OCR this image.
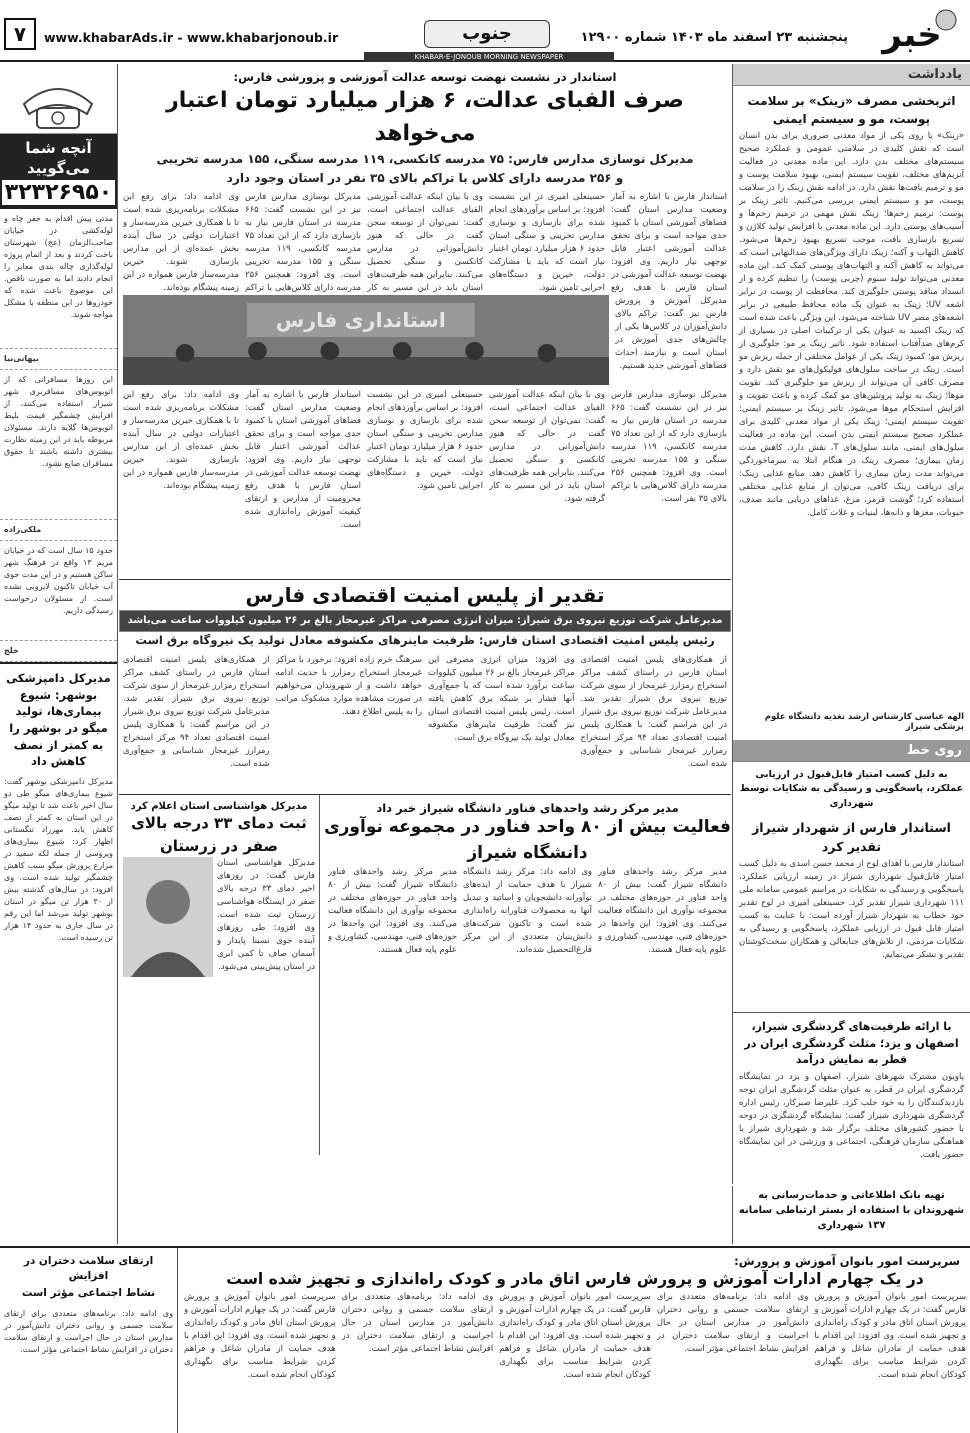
خبر
پنجشنبه ۲۳ اسفند ماه ۱۴۰۳ شماره ۱۲۹۰۰
جنوب
www.khabarAds.ir - www.khabarjonoub.ir
۷
KHABAR-E-JONOUB MORNING NEWSPAPER
یادداشت
اثربخشی مصرف «زینک» بر سلامت پوست، مو و سیستم ایمنی
«زینک» یا روی یکی از مواد معدنی ضروری برای بدن انسان است که نقش کلیدی در سلامتی عمومی و عملکرد صحیح سیستم‌های مختلف بدن دارد. این ماده معدنی در فعالیت آنزیم‌های مختلف، تقویت سیستم ایمنی، بهبود سلامت پوست و مو و ترمیم بافت‌ها نقش دارد. در ادامه نقش زینک را در سلامت پوست، مو و سیستم ایمنی بررسی می‌کنیم. تاثیر زینک بر پوست: ترمیم زخم‌ها؛ زینک نقش مهمی در ترمیم زخم‌ها و آسیب‌های پوستی دارد. این ماده معدنی با افزایش تولید کلاژن و تسریع بازسازی بافت، موجب تسریع بهبود زخم‌ها می‌شود. کاهش التهاب و آکنه؛ زینک دارای ویژگی‌های ضدالتهابی است که می‌تواند به کاهش آکنه و التهاب‌های پوستی کمک کند. این ماده معدنی می‌تواند تولید سبوم (چربی پوست) را تنظیم کرده و از انسداد منافذ پوستی جلوگیری کند. محافظت از پوست در برابر اشعه UV؛ زینک به عنوان یک ماده محافظ طبیعی در برابر اشعه‌های مضر UV شناخته می‌شود. این ویژگی باعث شده است که زینک اکسید به عنوان یکی از ترکیبات اصلی در بسیاری از کرم‌های ضدآفتاب استفاده شود. تاثیر زینک بر مو: جلوگیری از ریزش مو؛ کمبود زینک یکی از عوامل مختلفی از جمله ریزش مو است. زینک در ساخت سلول‌های فولیکول‌های مو نقش دارد و مصرف کافی آن می‌تواند از ریزش مو جلوگیری کند. تقویت موها؛ زینک به تولید پروتئین‌های مو کمک کرده و باعث تقویت و افزایش استحکام موها می‌شود. تاثیر زینک بر سیستم ایمنی: تقویت سیستم ایمنی؛ زینک یکی از مواد معدنی کلیدی برای عملکرد صحیح سیستم ایمنی بدن است. این ماده در فعالیت سلول‌های ایمنی، مانند سلول‌های T، نقش دارد. کاهش مدت زمان بیماری؛ مصرف زینک در هنگام ابتلا به سرماخوردگی می‌تواند مدت زمان بیماری را کاهش دهد. منابع غذایی زینک: برای دریافت زینک کافی، می‌توان از منابع غذایی مختلفی استفاده کرد؛ گوشت قرمز، مرغ، غذاهای دریایی مانند صدف، حبوبات، مغزها و دانه‌ها، لبنیات و غلات کامل.
الهه عباسی کارشناس ارشد تغذیه دانشگاه علوم پزشکی شیراز
روی خط
به دلیل کسب امتیاز قابل‌قبول در ارزیابی عملکرد، پاسخگویی و رسیدگی به شکایات توسط شهرداری
استاندار فارس از شهردار شیراز تقدیر کرد
استاندار فارس با اهدای لوح از محمد حسن اسدی به دلیل کسب امتیاز قابل‌قبول شهرداری شیراز در زمینه ارزیابی عملکرد، پاسخگویی و رسیدگی به شکایات در مراسم عمومی سامانه ملی ۱۱۱ شهرداری شیراز تقدیر کرد. حسینعلی امیری در لوح تقدیر خود خطاب به شهردار شیراز آورده است: با عنایت به کسب امتیاز قابل قبول در ارزیابی عملکرد، پاسخگویی و رسیدگی به شکایات مردمی، از تلاش‌های جنابعالی و همکاران سخت‌کوشتان تقدیر و تشکر می‌نمایم.
با ارائه ظرفیت‌های گردشگری شیراز، اصفهان و یزد؛ مثلث گردشگری ایران در قطر به نمایش درآمد
پاویون مشترک شهرهای شیراز، اصفهان و یزد در نمایشگاه گردشگری ایران در قطر، به عنوان مثلث گردشگری ایران توجه بازدیدکنندگان را به خود جلب کرد. علیرضا صبرکار، رئیس اداره گردشگری شهرداری شیراز گفت: نمایشگاه گردشگری در دوحه با حضور کشورهای مختلف برگزار شد و شهرداری شیراز با هماهنگی سازمان فرهنگی، اجتماعی و ورزشی در این نمایشگاه حضور یافت.
تهیه بانک اطلاعاتی و خدمات‌رسانی به شهروندان با استفاده از بستر ارتباطی سامانه ۱۳۷ شهرداری
آنچه شما می‌گویید
۳۲۳۲۶۹۵۰
مدتی پیش اقدام به حفر چاه و لوله‌کشی در خیابان صاحب‌الزمان (عج) شهرستان باخت کردند و بعد از اتمام پروژه لوله‌گذاری چاله بندی معابر را انجام دادند اما به صورت ناقص. این موضوع باعث شده که خودروها در این منطقه با مشکل مواجه شوند.
بیهانی‌نیا
این روزها مسافرانی که از اتوبوس‌های مسافربری شهر شیراز استفاده می‌کنند، از افزایش چشمگیر قیمت بلیط اتوبوس‌ها گلایه دارند. مسئولان مربوطه باید در این زمینه نظارت بیشتری داشته باشند تا حقوق مسافران ضایع نشود.
ملکی‌زاده
حدود ۱۵ سال است که در خیابان مریم ۱۳ واقع در فرهنگ شهر ساکن هستیم و در این مدت جوی آب خیابان تاکنون لایروبی نشده است. از مسئولان درخواست رسیدگی داریم.
خلج
مدیرکل دامپزشکی بوشهر: شیوع بیماری‌ها، تولید میگو در بوشهر را به کمتر از نصف کاهش داد
مدیرکل دامپزشکی بوشهر گفت: شیوع بیماری‌های میگو طی دو سال اخیر باعث شد تا تولید میگو در این استان به کمتر از نصف کاهش یابد. مهرزاد تنگستانی اظهار کرد: شیوع بیماری‌های ویروسی از جمله لکه سفید در مزارع پرورش میگو سبب کاهش چشمگیر تولید شده است. وی افزود: در سال‌های گذشته بیش از ۳۰ هزار تن میگو در استان بوشهر تولید می‌شد اما این رقم در سال جاری به حدود ۱۴ هزار تن رسیده است.
استاندار در نشست نهضت توسعه عدالت آموزشی و پرورشی فارس:
صرف الفبای عدالت، ۶ هزار میلیارد تومان اعتبار می‌خواهد
مدیرکل نوسازی مدارس فارس: ۷۵ مدرسه کانکسی، ۱۱۹ مدرسه سنگی، ۱۵۵ مدرسه تخریبی
و ۲۵۶ مدرسه دارای کلاس با تراکم بالای ۳۵ نفر در استان وجود دارد
استاندار فارس با اشاره به آمار وضعیت مدارس استان گفت: فضاهای آموزشی استان با کمبود جدی مواجه است و برای تحقق عدالت آموزشی اعتبار قابل توجهی نیاز داریم. وی افزود: نهضت توسعه عدالت آموزشی در استان فارس با هدف رفع
حسینعلی امیری در این نشست افزود: بر اساس برآوردهای انجام شده برای بازسازی و نوسازی مدارس تخریبی و سنگی استان حدود ۶ هزار میلیارد تومان اعتبار نیاز است که باید با مشارکت دولت، خیرین و دستگاه‌های اجرایی تامین شود.
وی با بیان اینکه عدالت آموزشی الفبای عدالت اجتماعی است، گفت: نمی‌توان از توسعه سخن گفت در حالی که هنوز دانش‌آموزانی در مدارس کانکسی و سنگی تحصیل می‌کنند. بنابراین همه ظرفیت‌های استان باید در این مسیر به کار
مدیرکل نوسازی مدارس فارس نیز در این نشست گفت: ۶۶۵ مدرسه در استان فارس نیاز به بازسازی دارد که از این تعداد ۷۵ مدرسه کانکسی، ۱۱۹ مدرسه سنگی و ۱۵۵ مدرسه تخریبی است. وی افزود: همچنین ۲۵۶ مدرسه دارای کلاس‌هایی با تراکم
وی ادامه داد: برای رفع این مشکلات برنامه‌ریزی شده است تا با همکاری خیرین مدرسه‌ساز و اعتبارات دولتی در سال آینده بخش عمده‌ای از این مدارس بازسازی شوند. خیرین مدرسه‌ساز فارس همواره در این زمینه پیشگام بوده‌اند.
مدیرکل آموزش و پرورش فارس نیز گفت: تراکم بالای دانش‌آموزان در کلاس‌ها یکی از چالش‌های جدی آموزش در استان است و نیازمند احداث فضاهای آموزشی جدید هستیم.
استانداری فارس
مدیرکل نوسازی مدارس فارس نیز در این نشست گفت: ۶۶۵ مدرسه در استان فارس نیاز به بازسازی دارد که از این تعداد ۷۵ مدرسه کانکسی، ۱۱۹ مدرسه سنگی و ۱۵۵ مدرسه تخریبی است. وی افزود: همچنین ۲۵۶ مدرسه دارای کلاس‌هایی با تراکم بالای ۳۵ نفر است.
وی با بیان اینکه عدالت آموزشی الفبای عدالت اجتماعی است، گفت: نمی‌توان از توسعه سخن گفت در حالی که هنوز دانش‌آموزانی در مدارس کانکسی و سنگی تحصیل می‌کنند. بنابراین همه ظرفیت‌های استان باید در این مسیر به کار گرفته شود.
حسینعلی امیری در این نشست افزود: بر اساس برآوردهای انجام شده برای بازسازی و نوسازی مدارس تخریبی و سنگی استان حدود ۶ هزار میلیارد تومان اعتبار نیاز است که باید با مشارکت دولت، خیرین و دستگاه‌های اجرایی تامین شود.
استاندار فارس با اشاره به آمار وضعیت مدارس استان گفت: فضاهای آموزشی استان با کمبود جدی مواجه است و برای تحقق عدالت آموزشی اعتبار قابل توجهی نیاز داریم. وی افزود: نهضت توسعه عدالت آموزشی در استان فارس با هدف رفع محرومیت از مدارس و ارتقای کیفیت آموزش راه‌اندازی شده است.
وی ادامه داد: برای رفع این مشکلات برنامه‌ریزی شده است تا با همکاری خیرین مدرسه‌ساز و اعتبارات دولتی در سال آینده بخش عمده‌ای از این مدارس بازسازی شوند. خیرین مدرسه‌ساز فارس همواره در این زمینه پیشگام بوده‌اند.
تقدیر از پلیس امنیت اقتصادی فارس
مدیرعامل شرکت توزیع نیروی برق شیراز: میزان انرژی مصرفی مراکز غیرمجاز بالغ بر ۲۶ میلیون کیلووات ساعت می‌باشد
رئیس پلیس امنیت اقتصادی استان فارس: ظرفیت ماینرهای مکشوفه معادل تولید یک نیروگاه برق است
از همکاری‌های پلیس امنیت اقتصادی استان فارس در راستای کشف مراکز استخراج رمزارز غیرمجاز از سوی شرکت توزیع نیروی برق شیراز تقدیر شد. مدیرعامل شرکت توزیع نیروی برق شیراز در این مراسم گفت: با همکاری پلیس امنیت اقتصادی تعداد ۹۴ مرکز استخراج رمزارز غیرمجاز شناسایی و جمع‌آوری شده است.
وی افزود: میزان انرژی مصرفی این مراکز غیرمجاز بالغ بر ۲۶ میلیون کیلووات ساعت برآورد شده است که با جمع‌آوری آنها فشار بر شبکه برق کاهش یافته است. رئیس پلیس امنیت اقتصادی استان نیز گفت: ظرفیت ماینرهای مکشوفه معادل تولید یک نیروگاه برق است.
سرهنگ خرم زاده افزود: برخورد با مراکز غیرمجاز استخراج رمزارز با جدیت ادامه خواهد داشت و از شهروندان می‌خواهیم در صورت مشاهده موارد مشکوک مراتب را به پلیس اطلاع دهند.
از همکاری‌های پلیس امنیت اقتصادی استان فارس در راستای کشف مراکز استخراج رمزارز غیرمجاز از سوی شرکت توزیع نیروی برق شیراز تقدیر شد. مدیرعامل شرکت توزیع نیروی برق شیراز در این مراسم گفت: با همکاری پلیس امنیت اقتصادی تعداد ۹۴ مرکز استخراج رمزارز غیرمجاز شناسایی و جمع‌آوری شده است.
مدیر مرکز رشد واحدهای فناور دانشگاه شیراز خبر داد
فعالیت بیش از ۸۰ واحد فناور در مجموعه نوآوری دانشگاه شیراز
مدیر مرکز رشد واحدهای فناور دانشگاه شیراز گفت: بیش از ۸۰ واحد فناور در حوزه‌های مختلف در مجموعه نوآوری این دانشگاه فعالیت می‌کنند. وی افزود: این واحدها در حوزه‌های فنی، مهندسی، کشاورزی و علوم پایه فعال هستند.
وی ادامه داد: مرکز رشد دانشگاه شیراز با هدف حمایت از ایده‌های نوآورانه دانشجویان و اساتید و تبدیل آنها به محصولات فناورانه راه‌اندازی شده است و تاکنون شرکت‌های دانش‌بنیان متعددی از این مرکز فارغ‌التحصیل شده‌اند.
مدیر مرکز رشد واحدهای فناور دانشگاه شیراز گفت: بیش از ۸۰ واحد فناور در حوزه‌های مختلف در مجموعه نوآوری این دانشگاه فعالیت می‌کنند. وی افزود: این واحدها در حوزه‌های فنی، مهندسی، کشاورزی و علوم پایه فعال هستند.
مدیرکل هواشناسی استان اعلام کرد
ثبت دمای ۳۳ درجه بالای صفر در زرستان
مدیرکل هواشناسی استان فارس گفت: در روزهای اخیر دمای ۳۳ درجه بالای صفر در ایستگاه هواشناسی زرستان ثبت شده است. وی افزود: طی روزهای آینده جوی نسبتا پایدار و آسمان صاف تا کمی ابری در استان پیش‌بینی می‌شود.
ارتقای سلامت دختران در افزایش
نشاط اجتماعی مؤثر است
وی ادامه داد: برنامه‌های متعددی برای ارتقای سلامت جسمی و روانی دختران دانش‌آموز در مدارس استان در حال اجراست و ارتقای سلامت دختران در افزایش نشاط اجتماعی مؤثر است.
سرپرست امور بانوان آموزش و پرورش:
در یک چهارم ادارات آموزش و پرورش فارس اتاق مادر و کودک راه‌اندازی و تجهیز شده است
سرپرست امور بانوان آموزش و پرورش فارس گفت: در یک چهارم ادارات آموزش و پرورش استان اتاق مادر و کودک راه‌اندازی و تجهیز شده است. وی افزود: این اقدام با هدف حمایت از مادران شاغل و فراهم کردن شرایط مناسب برای نگهداری کودکان انجام شده است.
وی ادامه داد: برنامه‌های متعددی برای ارتقای سلامت جسمی و روانی دختران دانش‌آموز در مدارس استان در حال اجراست و ارتقای سلامت دختران در افزایش نشاط اجتماعی مؤثر است.
سرپرست امور بانوان آموزش و پرورش فارس گفت: در یک چهارم ادارات آموزش و پرورش استان اتاق مادر و کودک راه‌اندازی و تجهیز شده است. وی افزود: این اقدام با هدف حمایت از مادران شاغل و فراهم کردن شرایط مناسب برای نگهداری کودکان انجام شده است.
وی ادامه داد: برنامه‌های متعددی برای ارتقای سلامت جسمی و روانی دختران دانش‌آموز در مدارس استان در حال اجراست و ارتقای سلامت دختران در افزایش نشاط اجتماعی مؤثر است.
سرپرست امور بانوان آموزش و پرورش فارس گفت: در یک چهارم ادارات آموزش و پرورش استان اتاق مادر و کودک راه‌اندازی و تجهیز شده است. وی افزود: این اقدام با هدف حمایت از مادران شاغل و فراهم کردن شرایط مناسب برای نگهداری کودکان انجام شده است.
